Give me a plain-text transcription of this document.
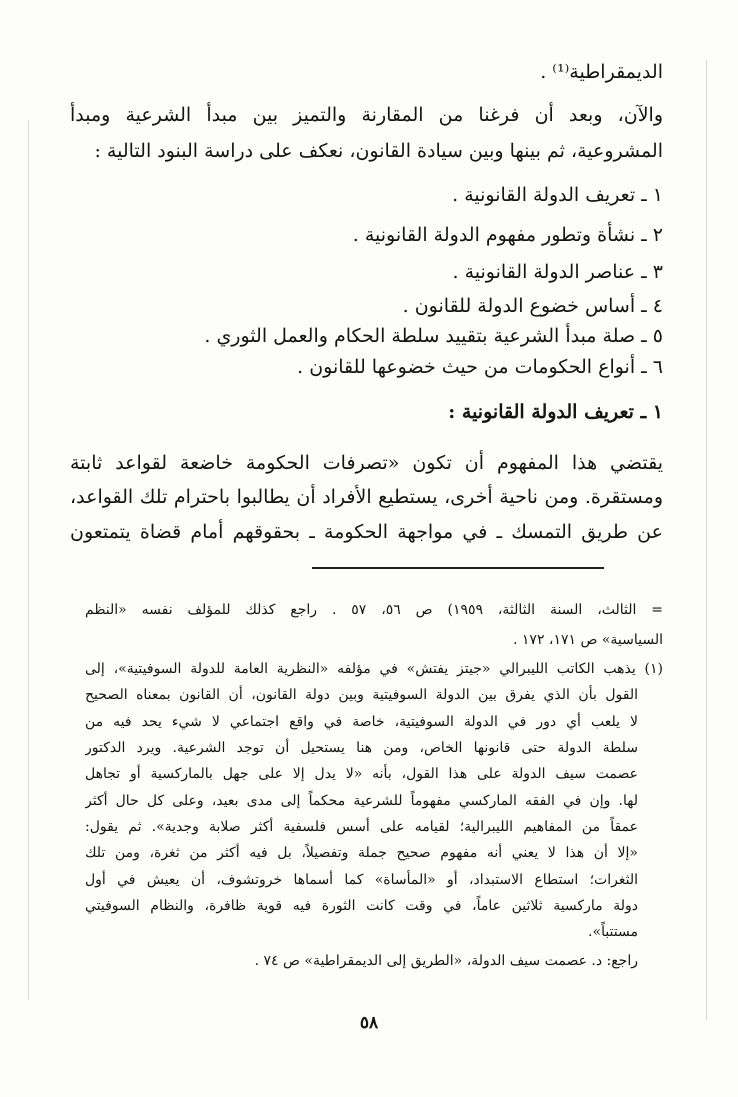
الديمقراطية⁽¹⁾ .
والآن، وبعد أن فرغنا من المقارنة والتميز بين مبدأ الشرعية ومبدأ
المشروعية، ثم بينها وبين سيادة القانون، نعكف على دراسة البنود التالية :
١ ـ تعريف الدولة القانونية .
٢ ـ نشأة وتطور مفهوم الدولة القانونية .
٣ ـ عناصر الدولة القانونية .
٤ ـ أساس خضوع الدولة للقانون .
٥ ـ صلة مبدأ الشرعية بتقييد سلطة الحكام والعمل الثوري .
٦ ـ أنواع الحكومات من حيث خضوعها للقانون .
١ ـ تعريف الدولة القانونية :
يقتضي هذا المفهوم أن تكون «تصرفات الحكومة خاضعة لقواعد ثابتة
ومستقرة. ومن ناحية أخرى، يستطيع الأفراد أن يطالبوا باحترام تلك القواعد،
عن طريق التمسك ـ في مواجهة الحكومة ـ بحقوقهم أمام قضاة يتمتعون
= الثالث، السنة الثالثة، ١٩٥٩) ص ٥٦، ٥٧ . راجع كذلك للمؤلف نفسه «النظم
السياسية» ص ١٧١، ١٧٢ .
(١) يذهب الكاتب الليبرالي «جيتز يفتش» في مؤلفه «النظرية العامة للدولة السوفيتية»، إلى
القول بأن الذي يفرق بين الدولة السوفيتية وبين دولة القانون، أن القانون بمعناه الصحيح
لا يلعب أي دور في الدولة السوفيتية، خاصة في واقع اجتماعي لا شيء يحد فيه من
سلطة الدولة حتى قانونها الخاص، ومن هنا يستحيل أن توجد الشرعية. ويرد الدكتور
عصمت سيف الدولة على هذا القول، بأنه «لا يدل إلا على جهل بالماركسية أو تجاهل
لها. وإن في الفقه الماركسي مفهوماً للشرعية محكماً إلى مدى بعيد، وعلى كل حال أكثر
عمقاً من المفاهيم الليبرالية؛ لقيامه على أسس فلسفية أكثر صلابة وجدية». ثم يقول:
«إلا أن هذا لا يعني أنه مفهوم صحيح جملة وتفصيلاً، بل فيه أكثر من ثغرة، ومن تلك
الثغرات؛ استطاع الاستبداد، أو «المأساة» كما أسماها خروتشوف، أن يعيش في أول
دولة ماركسية ثلاثين عاماً، في وقت كانت الثورة فيه قوية ظافرة، والنظام السوفيتي
مستتباً».
راجع: د. عصمت سيف الدولة، «الطريق إلى الديمقراطية» ص ٧٤ .
٥٨
